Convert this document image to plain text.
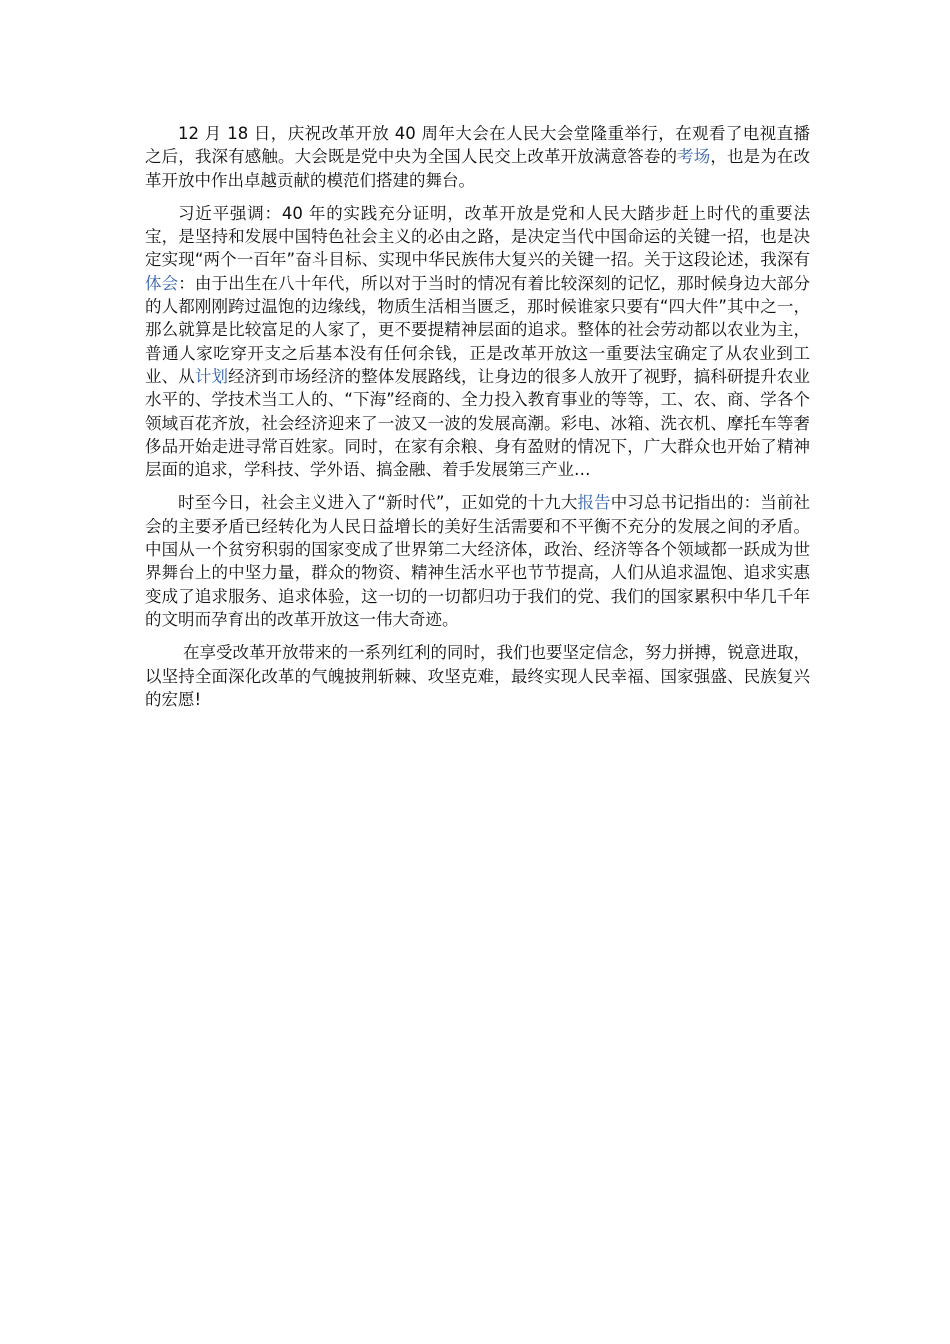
12 月 18 日，庆祝改革开放 40 周年大会在人民大会堂隆重举行，在观看了电视直播之后，我深有感触。大会既是党中央为全国人民交上改革开放满意答卷的考场，也是为在改革开放中作出卓越贡献的模范们搭建的舞台。

习近平强调：40 年的实践充分证明，改革开放是党和人民大踏步赶上时代的重要法宝，是坚持和发展中国特色社会主义的必由之路，是决定当代中国命运的关键一招，也是决定实现“两个一百年”奋斗目标、实现中华民族伟大复兴的关键一招。关于这段论述，我深有体会：由于出生在八十年代，所以对于当时的情况有着比较深刻的记忆，那时候身边大部分的人都刚刚跨过温饱的边缘线，物质生活相当匮乏，那时候谁家只要有“四大件”其中之一，那么就算是比较富足的人家了，更不要提精神层面的追求。整体的社会劳动都以农业为主，普通人家吃穿开支之后基本没有任何余钱，正是改革开放这一重要法宝确定了从农业到工业、从计划经济到市场经济的整体发展路线，让身边的很多人放开了视野，搞科研提升农业水平的、学技术当工人的、“下海”经商的、全力投入教育事业的等等，工、农、商、学各个领域百花齐放，社会经济迎来了一波又一波的发展高潮。彩电、冰箱、洗衣机、摩托车等奢侈品开始走进寻常百姓家。同时，在家有余粮、身有盈财的情况下，广大群众也开始了精神层面的追求，学科技、学外语、搞金融、着手发展第三产业…

时至今日，社会主义进入了“新时代”，正如党的十九大报告中习总书记指出的：当前社会的主要矛盾已经转化为人民日益增长的美好生活需要和不平衡不充分的发展之间的矛盾。中国从一个贫穷积弱的国家变成了世界第二大经济体，政治、经济等各个领域都一跃成为世界舞台上的中坚力量，群众的物资、精神生活水平也节节提高，人们从追求温饱、追求实惠变成了追求服务、追求体验，这一切的一切都归功于我们的党、我们的国家累积中华几千年的文明而孕育出的改革开放这一伟大奇迹。

在享受改革开放带来的一系列红利的同时，我们也要坚定信念，努力拼搏，锐意进取，以坚持全面深化改革的气魄披荆斩棘、攻坚克难，最终实现人民幸福、国家强盛、民族复兴的宏愿!
